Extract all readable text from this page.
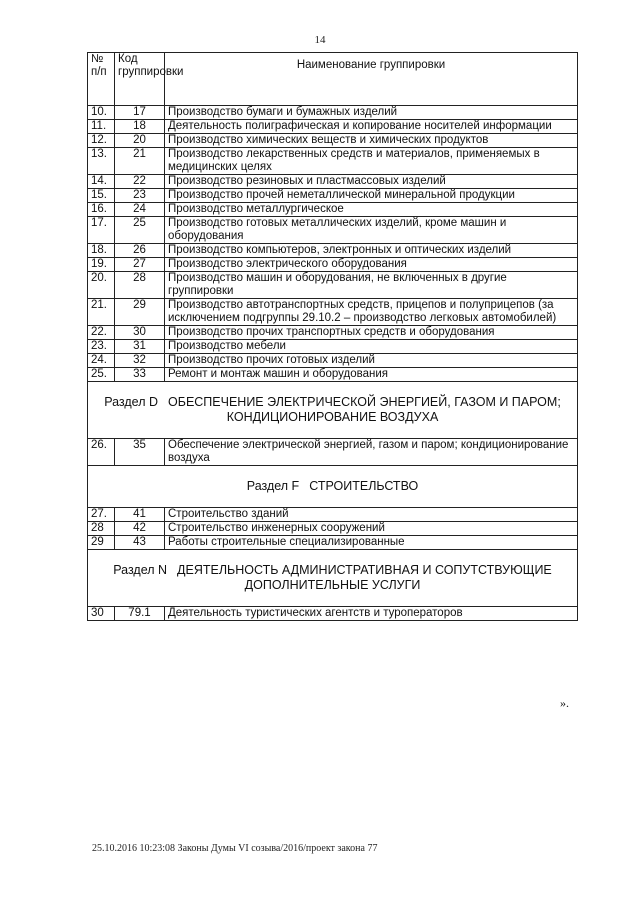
14
№ п/п	Код группировки	Наименование группировки
10.	17	Производство бумаги и бумажных изделий
11.	18	Деятельность полиграфическая и копирование носителей информации
12.	20	Производство химических веществ и химических продуктов
13.	21	Производство лекарственных средств и материалов, применяемых в медицинских целях
14.	22	Производство резиновых и пластмассовых изделий
15.	23	Производство прочей неметаллической минеральной продукции
16.	24	Производство металлургическое
17.	25	Производство готовых металлических изделий, кроме машин и оборудования
18.	26	Производство компьютеров, электронных и оптических изделий
19.	27	Производство электрического оборудования
20.	28	Производство машин и оборудования, не включенных в другие группировки
21.	29	Производство автотранспортных средств, прицепов и полуприцепов (за исключением подгруппы 29.10.2 – производство легковых автомобилей)
22.	30	Производство прочих транспортных средств и оборудования
23.	31	Производство мебели
24.	32	Производство прочих готовых изделий
25.	33	Ремонт и монтаж машин и оборудования
Раздел D ОБЕСПЕЧЕНИЕ ЭЛЕКТРИЧЕСКОЙ ЭНЕРГИЕЙ, ГАЗОМ И ПАРОМ; КОНДИЦИОНИРОВАНИЕ ВОЗДУХА		
26.	35	Обеспечение электрической энергией, газом и паром; кондиционирование воздуха
Раздел F СТРОИТЕЛЬСТВО		
27.	41	Строительство зданий
28	42	Строительство инженерных сооружений
29	43	Работы строительные специализированные
Раздел N ДЕЯТЕЛЬНОСТЬ АДМИНИСТРАТИВНАЯ И СОПУТСТВУЮЩИЕ ДОПОЛНИТЕЛЬНЫЕ УСЛУГИ		
30	79.1	Деятельность туристических агентств и туроператоров
».
25.10.2016 10:23:08 Законы Думы VI созыва/2016/проект закона 77
